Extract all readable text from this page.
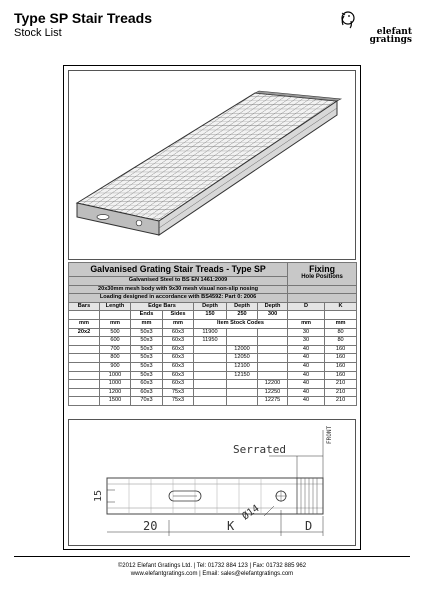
Type SP Stair Treads
Stock List	elefant
gratings
Galvanised Grating Stair Treads - Type SP							Fixing
Hole Positions	

Galvanised Steel to BS EN 1461:2009								
20x30mm mesh body with 9x30 mesh visual non-slip nosing								
Loading designed in accordance with BS4592: Part 0: 2006								
Bars	Length	Edge Bars		Depth	Depth	Depth	D	K
		Ends	Sides	150	250	300		
mm	mm	mm	mm	Item Stock Codes			mm	mm
20x2	500	50x3	60x3	11900			30	80
	600	50x3	60x3	11950			30	80
	700	50x3	60x3		12000		40	160
	800	50x3	60x3		12050		40	160
	900	50x3	60x3		12100		40	160
	1000	50x3	60x3		12150		40	160
	1000	60x3	60x3			12200	40	210
	1200	60x3	75x3			12250	40	210
	1500	70x3	75x3			12275	40	210
Serrated
FRONT
15
Ø14
20	K	D
©2012 Elefant Gratings Ltd. | Tel: 01732 884 123 | Fax: 01732 885 962
www.elefantgratings.com | Email: sales@elefantgratings.com
